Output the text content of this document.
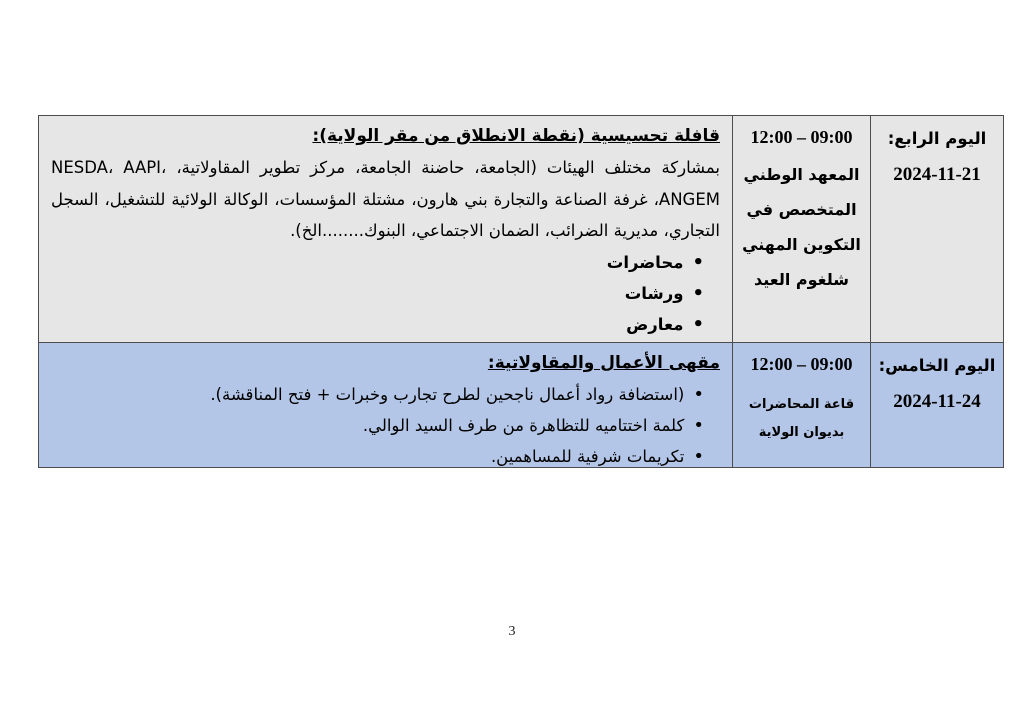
اليوم الرابع:
2024-11-21
09:00 – 12:00
المعهد الوطني المتخصص في التكوين المهني شلغوم العيد
قافلة تحسيسية (نقطة الانطلاق من مقر الولاية):
بمشاركة مختلف الهيئات (الجامعة، حاضنة الجامعة، مركز تطوير المقاولاتية، NESDA، AAPI، ANGEM، غرفة الصناعة والتجارة بني هارون، مشتلة المؤسسات، الوكالة الولائية للتشغيل، السجل التجاري، مديرية الضرائب، الضمان الاجتماعي، البنوك........الخ).
•
محاضرات
•
ورشات
•
معارض
اليوم الخامس:
2024-11-24
09:00 – 12:00
قاعة المحاضرات بديوان الولاية
مقهى الأعمال والمقاولاتية:
•
(استضافة رواد أعمال ناجحين لطرح تجارب وخبرات + فتح المناقشة).
•
كلمة اختتاميه للتظاهرة من طرف السيد الوالي.
•
تكريمات شرفية للمساهمين.
3
